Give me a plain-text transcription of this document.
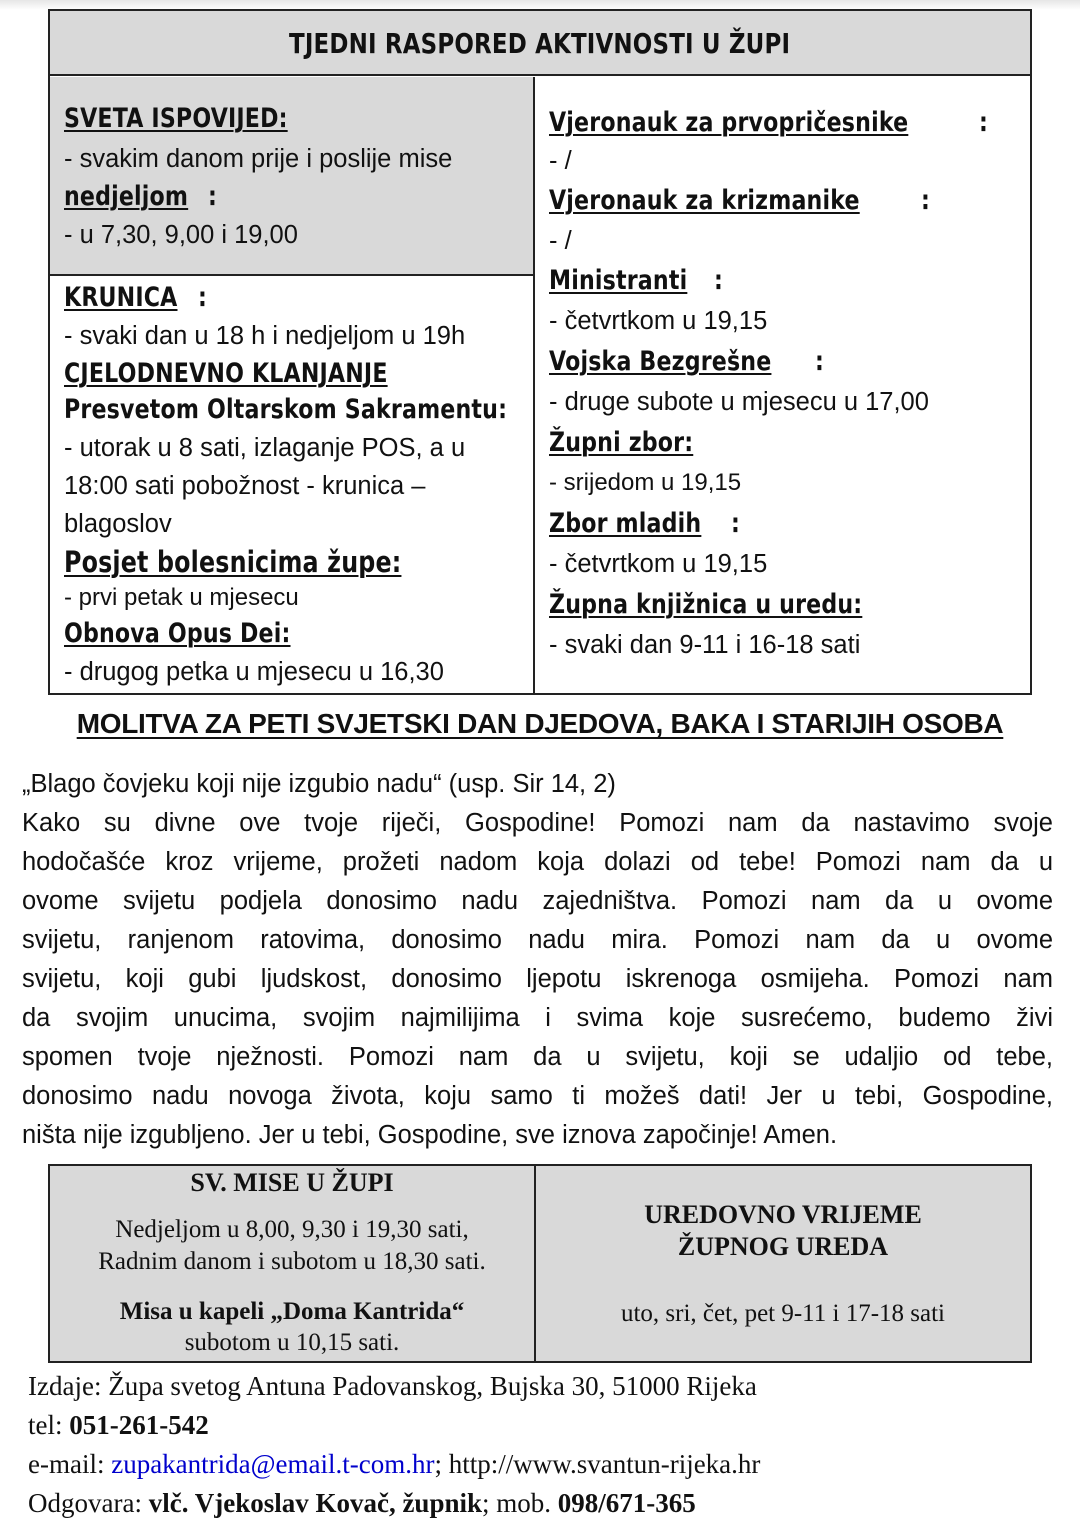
TJEDNI RASPORED AKTIVNOSTI U ŽUPI
SVETA ISPOVIJED:
- svakim danom prije i poslije mise
nedjeljom :
- u 7,30, 9,00 i 19,00
KRUNICA :
- svaki dan u 18 h i nedjeljom u 19h
CJELODNEVNO KLANJANJE
Presvetom Oltarskom Sakramentu:
- utorak u 8 sati, izlaganje POS, a u
18:00 sati pobožnost - krunica –
blagoslov
Posjet bolesnicima župe:
- prvi petak u mjesecu
Obnova Opus Dei:
- drugog petka u mjesecu u 16,30
Vjeronauk za prvopričesnike	:
- /
Vjeronauk za krizmanike :
- /
Ministranti :
- četvrtkom u 19,15
Vojska Bezgrešne :
- druge subote u mjesecu u 17,00
Župni zbor:
- srijedom u 19,15
Zbor mladih :
- četvrtkom u 19,15
Župna knjižnica u uredu:
- svaki dan 9-11 i 16-18 sati
MOLITVA ZA PETI SVJETSKI DAN DJEDOVA, BAKA I STARIJIH OSOBA
„Blago čovjeku koji nije izgubio nadu“ (usp. Sir 14, 2)
Kako su divne ove tvoje riječi, Gospodine! Pomozi nam da nastavimo svoje
hodočašće kroz vrijeme, prožeti nadom koja dolazi od tebe! Pomozi nam da u
ovome svijetu podjela donosimo nadu zajedništva. Pomozi nam da u ovome
svijetu, ranjenom ratovima, donosimo nadu mira. Pomozi nam da u ovome
svijetu, koji gubi ljudskost, donosimo ljepotu iskrenoga osmijeha. Pomozi nam
da svojim unucima, svojim najmilijima i svima koje susrećemo, budemo živi
spomen tvoje nježnosti. Pomozi nam da u svijetu, koji se udaljio od tebe,
donosimo nadu novoga života, koju samo ti možeš dati! Jer u tebi, Gospodine,
ništa nije izgubljeno. Jer u tebi, Gospodine, sve iznova započinje! Amen.
SV. MISE U ŽUPI
Nedjeljom u 8,00, 9,30 i 19,30 sati,
Radnim danom i subotom u 18,30 sati.
Misa u kapeli „Doma Kantrida“
subotom u 10,15 sati.
UREDOVNO VRIJEME
ŽUPNOG UREDA
uto, sri, čet, pet 9-11 i 17-18 sati
Izdaje: Župa svetog Antuna Padovanskog, Bujska 30, 51000 Rijeka
tel: 051-261-542
e-mail: zupakantrida@email.t-com.hr; http://www.svantun-rijeka.hr
Odgovara: vlč. Vjekoslav Kovač, župnik; mob. 098/671-365
